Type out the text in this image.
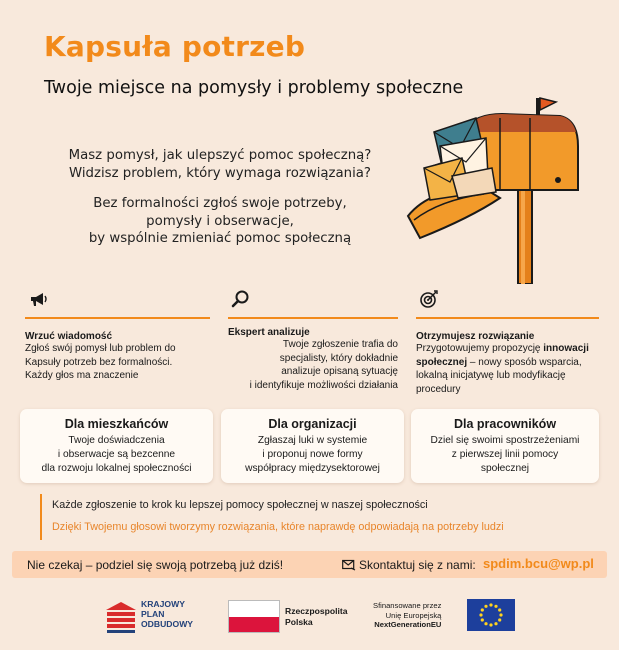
Kapsuła potrzeb
Twoje miejsce na pomysły i problemy społeczne

Masz pomysł, jak ulepszyć pomoc społeczną?
Widzisz problem, który wymaga rozwiązania?

Bez formalności zgłoś swoje potrzeby,
pomysły i obserwacje,
by wspólnie zmieniać pomoc społeczną

Wrzuć wiadomość
Zgłoś swój pomysł lub problem do
Kapsuły potrzeb bez formalności.
Każdy głos ma znaczenie
Ekspert analizuje
Twoje zgłoszenie trafia do
specjalisty, który dokładnie
analizuje opisaną sytuację
i identyfikuje możliwości działania
Otrzymujesz rozwiązanie
Przygotowujemy propozycję innowacji
społecznej – nowy sposób wsparcia,
lokalną inicjatywę lub modyfikację
procedury
Dla mieszkańców
Twoje doświadczenia
i obserwacje są bezcenne
dla rozwoju lokalnej społeczności
Dla organizacji
Zgłaszaj luki w systemie
i proponuj nowe formy
współpracy międzysektorowej
Dla pracowników
Dziel się swoimi spostrzeżeniami
z pierwszej linii pomocy
społecznej
Każde zgłoszenie to krok ku lepszej pomocy społecznej w naszej społeczności
Dzięki Twojemu głosowi tworzymy rozwiązania, które naprawdę odpowiadają na potrzeby ludzi
Nie czekaj – podziel się swoją potrzebą już dziś!	Skontaktuj się z nami: spdim.bcu@wp.pl
KRAJOWY
PLAN
ODBUDOWY
Rzeczpospolita
Polska
Sfinansowane przez
Unię Europejską
NextGenerationEU
